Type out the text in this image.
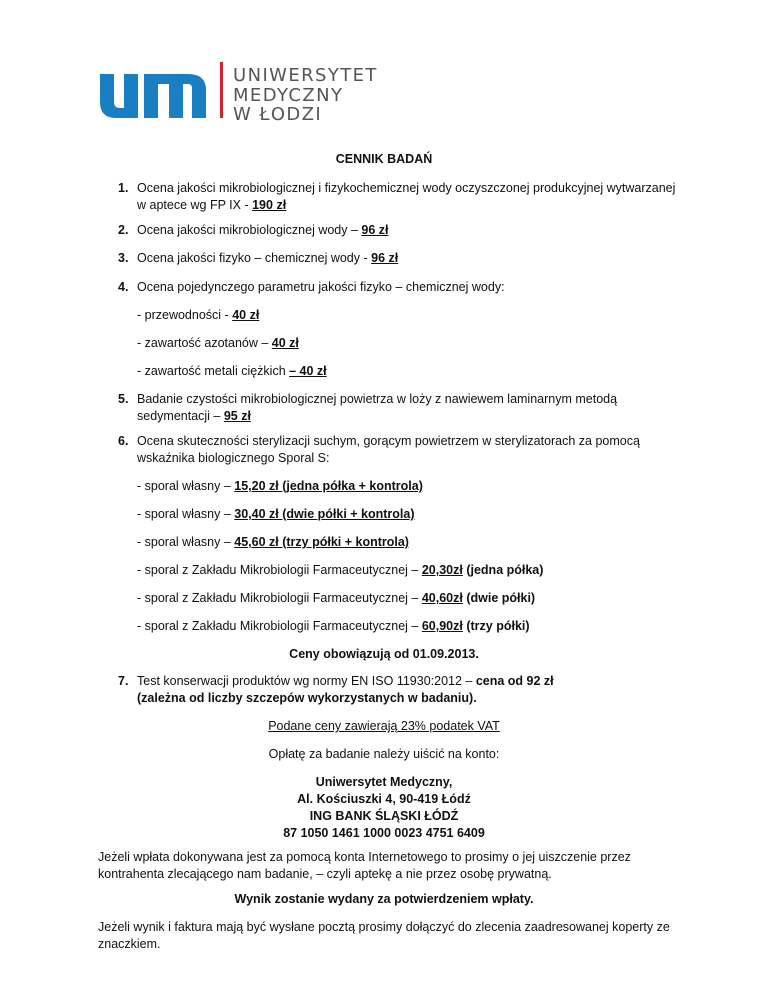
UNIWERSYTET
MEDYCZNY
W ŁODZI
CENNIK BADAŃ
1. Ocena jakości mikrobiologicznej i fizykochemicznej wody oczyszczonej produkcyjnej wytwarzanej w aptece wg FP IX - 190 zł
2. Ocena jakości mikrobiologicznej wody – 96 zł
3. Ocena jakości fizyko – chemicznej wody - 96 zł
4. Ocena pojedynczego parametru jakości fizyko – chemicznej wody:
- przewodności - 40 zł
- zawartość azotanów – 40 zł
- zawartość metali ciężkich – 40 zł
5. Badanie czystości mikrobiologicznej powietrza w loży z nawiewem laminarnym metodą sedymentacji – 95 zł
6. Ocena skuteczności sterylizacji suchym, gorącym powietrzem w sterylizatorach za pomocą wskaźnika biologicznego Sporal S:
- sporal własny – 15,20 zł (jedna półka + kontrola)
- sporal własny – 30,40 zł (dwie półki + kontrola)
- sporal własny – 45,60 zł (trzy półki + kontrola)
- sporal z Zakładu Mikrobiologii Farmaceutycznej – 20,30zł (jedna półka)
- sporal z Zakładu Mikrobiologii Farmaceutycznej – 40,60zł (dwie półki)
- sporal z Zakładu Mikrobiologii Farmaceutycznej – 60,90zł (trzy półki)
Ceny obowiązują od 01.09.2013.
7. Test konserwacji produktów wg normy EN ISO 11930:2012 – cena od 92 zł
(zależna od liczby szczepów wykorzystanych w badaniu).
Podane ceny zawierają 23% podatek VAT
Opłatę za badanie należy uiścić na konto:
Uniwersytet Medyczny,
Al. Kościuszki 4, 90-419 Łódź
ING BANK ŚLĄSKI ŁÓDŹ
87 1050 1461 1000 0023 4751 6409
Jeżeli wpłata dokonywana jest za pomocą konta Internetowego to prosimy o jej uiszczenie przez kontrahenta zlecającego nam badanie, – czyli aptekę a nie przez osobę prywatną.
Wynik zostanie wydany za potwierdzeniem wpłaty.
Jeżeli wynik i faktura mają być wysłane pocztą prosimy dołączyć do zlecenia zaadresowanej koperty ze znaczkiem.
